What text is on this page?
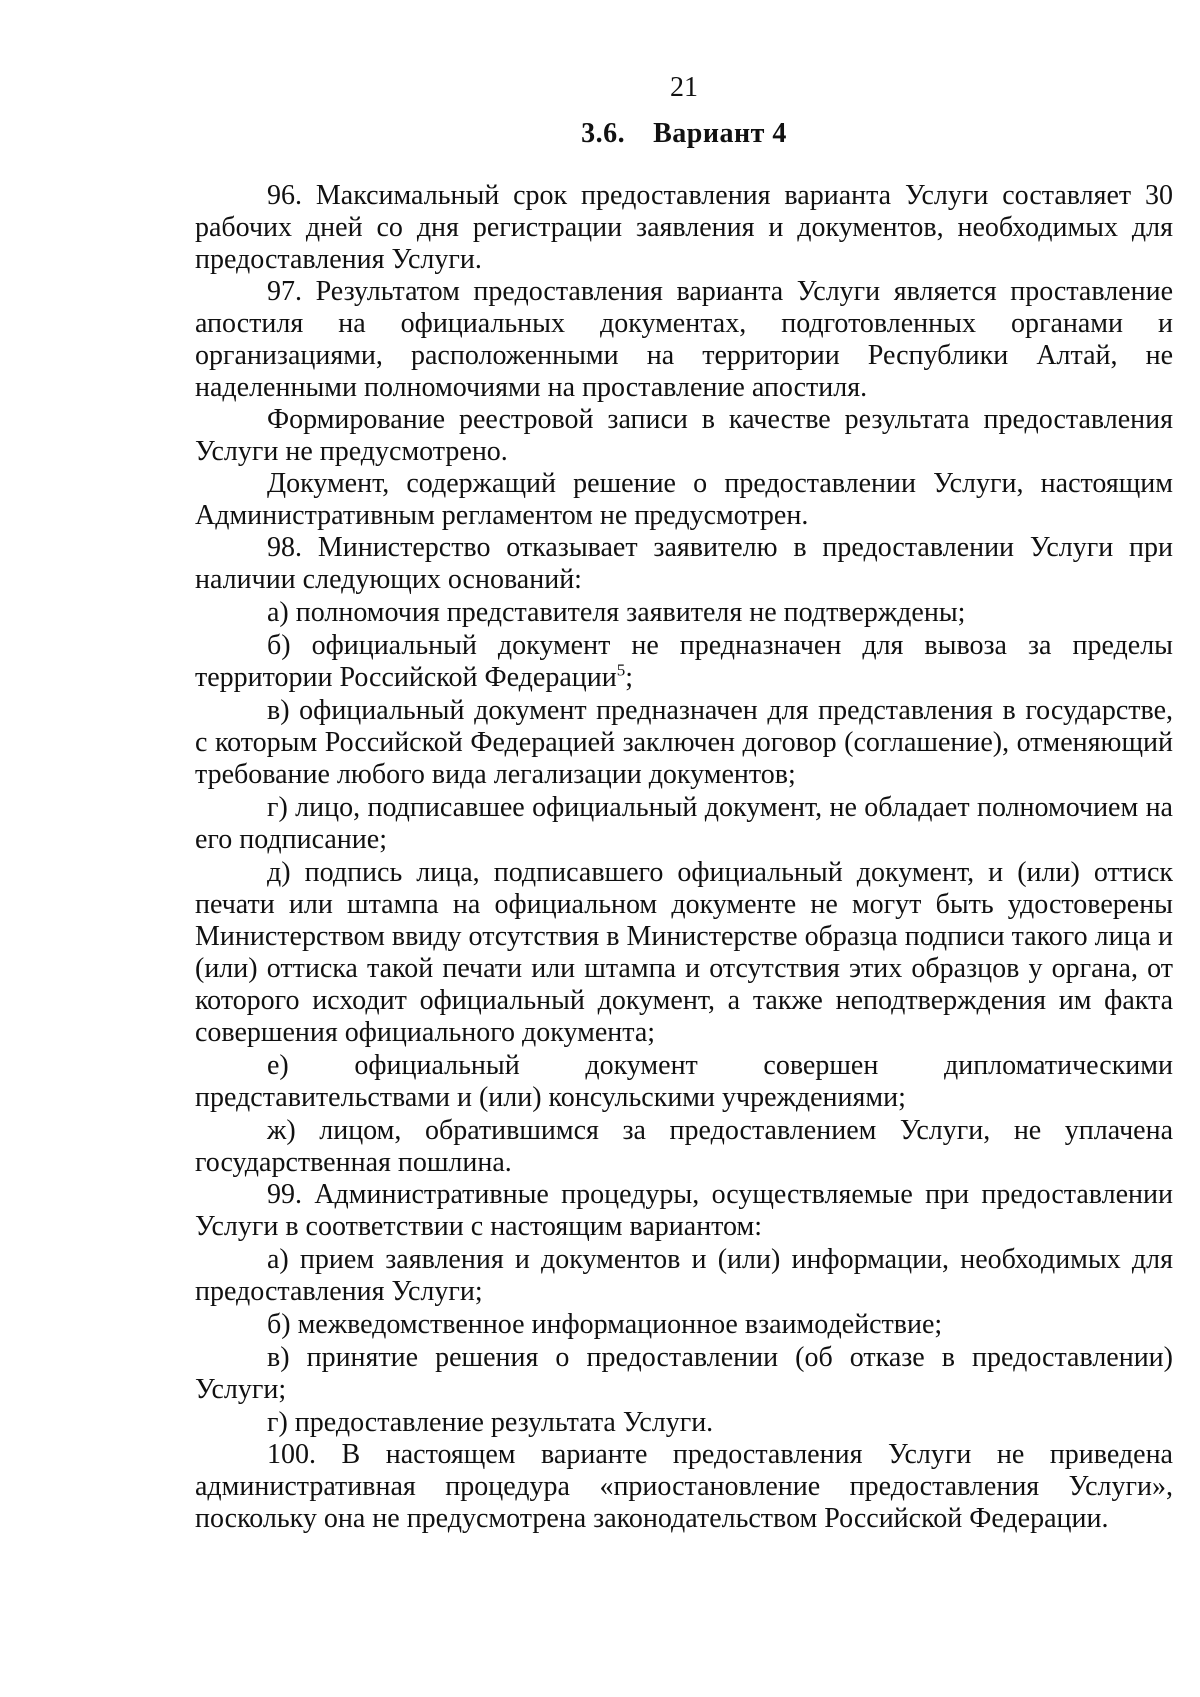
21
3.6. Вариант 4

96. Максимальный срок предоставления варианта Услуги составляет 30 рабочих дней со дня регистрации заявления и документов, необходимых для предоставления Услуги.

97. Результатом предоставления варианта Услуги является проставление апостиля на официальных документах, подготовленных органами и организациями, расположенными на территории Республики Алтай, не наделенными полномочиями на проставление апостиля.

Формирование реестровой записи в качестве результата предоставления Услуги не предусмотрено.

Документ, содержащий решение о предоставлении Услуги, настоящим Административным регламентом не предусмотрен.

98. Министерство отказывает заявителю в предоставлении Услуги при наличии следующих оснований:

а) полномочия представителя заявителя не подтверждены;

б) официальный документ не предназначен для вывоза за пределы территории Российской Федерации$^5$;

в) официальный документ предназначен для представления в государстве, с которым Российской Федерацией заключен договор (соглашение), отменяющий требование любого вида легализации документов;

г) лицо, подписавшее официальный документ, не обладает полномочием на его подписание;

д) подпись лица, подписавшего официальный документ, и (или) оттиск печати или штампа на официальном документе не могут быть удостоверены Министерством ввиду отсутствия в Министерстве образца подписи такого лица и (или) оттиска такой печати или штампа и отсутствия этих образцов у органа, от которого исходит официальный документ, а также неподтверждения им факта совершения официального документа;

е) официальный документ совершен дипломатическими представительствами и (или) консульскими учреждениями;

ж) лицом, обратившимся за предоставлением Услуги, не уплачена государственная пошлина.

99. Административные процедуры, осуществляемые при предоставлении Услуги в соответствии с настоящим вариантом:

а) прием заявления и документов и (или) информации, необходимых для предоставления Услуги;

б) межведомственное информационное взаимодействие;

в) принятие решения о предоставлении (об отказе в предоставлении) Услуги;

г) предоставление результата Услуги.

100. В настоящем варианте предоставления Услуги не приведена административная процедура «приостановление предоставления Услуги», поскольку она не предусмотрена законодательством Российской Федерации.
